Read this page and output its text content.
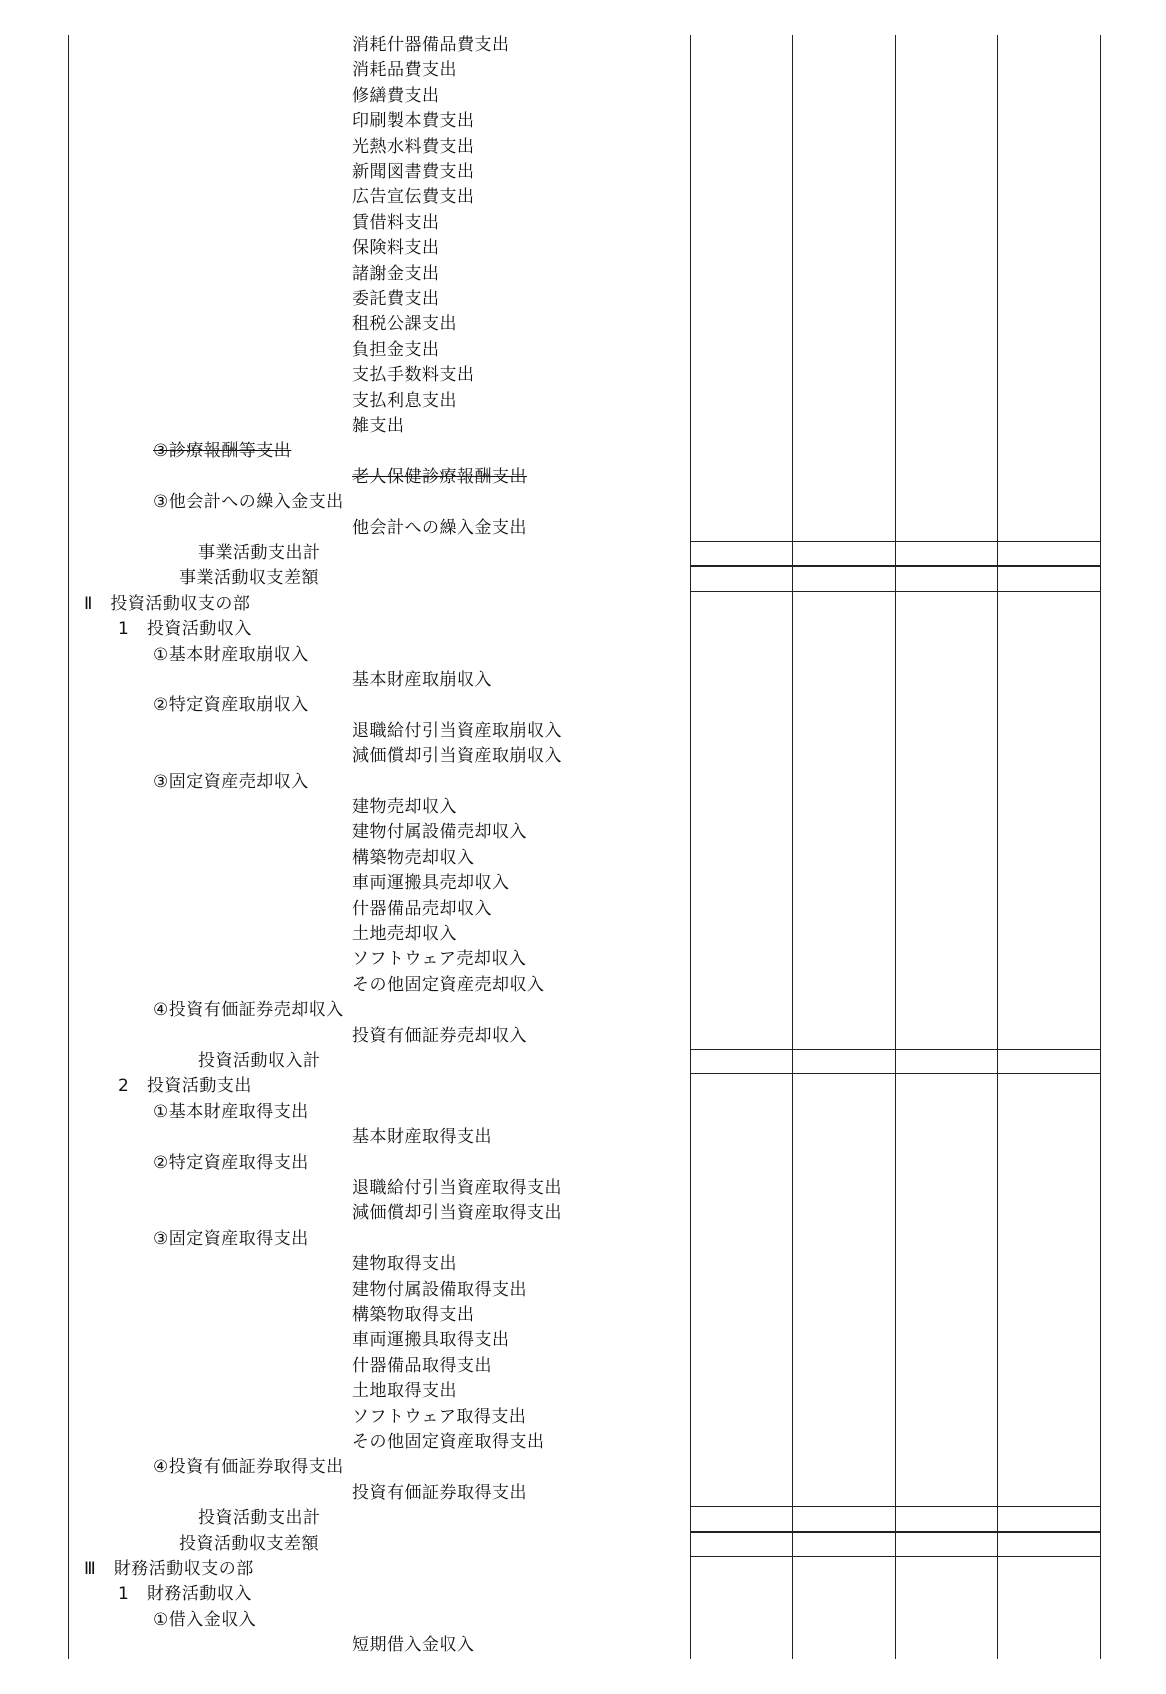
消耗什器備品費支出
消耗品費支出
修繕費支出
印刷製本費支出
光熱水料費支出
新聞図書費支出
広告宣伝費支出
賃借料支出
保険料支出
諸謝金支出
委託費支出
租税公課支出
負担金支出
支払手数料支出
支払利息支出
雑支出
③診療報酬等支出
老人保健診療報酬支出
③他会計への繰入金支出
他会計への繰入金支出
事業活動支出計
事業活動収支差額
Ⅱ　投資活動収支の部
1　投資活動収入
①基本財産取崩収入
基本財産取崩収入
②特定資産取崩収入
退職給付引当資産取崩収入
減価償却引当資産取崩収入
③固定資産売却収入
建物売却収入
建物付属設備売却収入
構築物売却収入
車両運搬具売却収入
什器備品売却収入
土地売却収入
ソフトウェア売却収入
その他固定資産売却収入
④投資有価証券売却収入
投資有価証券売却収入
投資活動収入計
2　投資活動支出
①基本財産取得支出
基本財産取得支出
②特定資産取得支出
退職給付引当資産取得支出
減価償却引当資産取得支出
③固定資産取得支出
建物取得支出
建物付属設備取得支出
構築物取得支出
車両運搬具取得支出
什器備品取得支出
土地取得支出
ソフトウェア取得支出
その他固定資産取得支出
④投資有価証券取得支出
投資有価証券取得支出
投資活動支出計
投資活動収支差額
Ⅲ　財務活動収支の部
1　財務活動収入
①借入金収入
短期借入金収入
